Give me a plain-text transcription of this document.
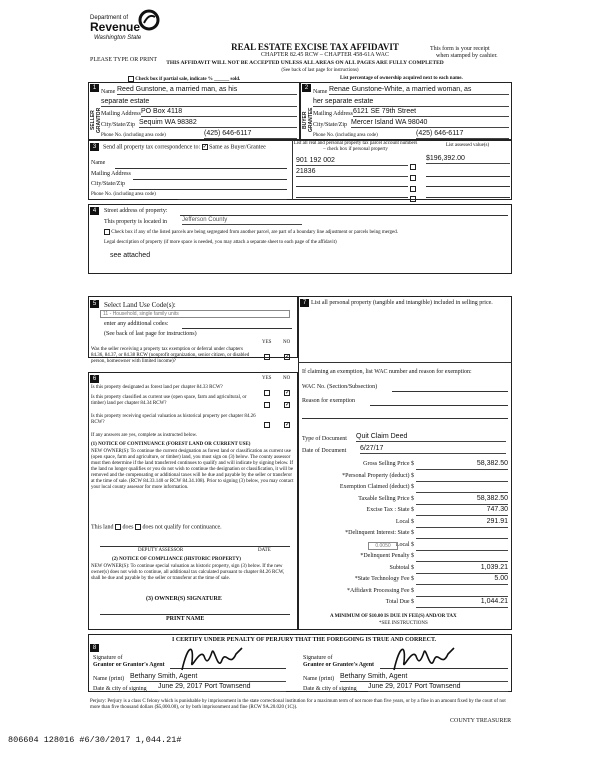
Department of
Revenue
Washington State
REAL ESTATE EXCISE TAX AFFIDAVIT
CHAPTER 82.45 RCW – CHAPTER 458-61A WAC
THIS AFFIDAVIT WILL NOT BE ACCEPTED UNLESS ALL AREAS ON ALL PAGES ARE FULLY COMPLETED
(See back of last page for instructions)
PLEASE TYPE OR PRINT
This form is your receipt
when stamped by cashier.
Check box if partial sale, indicate % ______ sold.	List percentage of ownership acquired next to each name.
1	2
SELLER GRANTOR	BUYER GRANTEE
Name Reed Gunstone, a married man, as his
separate estate
Mailing Address PO Box 4118
City/State/Zip Sequim WA 98382
Phone No. (including area code)	(425) 646-6117
Name Renae Gunstone-White, a married woman, as
her separate estate
Mailing Address 6121 SE 79th Street
City/State/Zip Mercer Island WA 98040
Phone No. (including area code)	(425) 646-6117
3	Send all property tax correspondence to: ✓ Same as Buyer/Grantee
List all real and personal property tax parcel account numbers – check box if personal property
List assessed value(s)
Name
Mailing Address
City/State/Zip
Phone No. (including area code)
901 192 002	$196,392.00
21836
4	Street address of property:
This property is located in	Jefferson County
Check box if any of the listed parcels are being segregated from another parcel, are part of a boundary line adjustment or parcels being merged.
Legal description of property (if more space is needed, you may attach a separate sheet to each page of the affidavit)
see attached
5	Select Land Use Code(s):
11 - Household, single family units
enter any additional codes:
(See back of last page for instructions)
YES NO
Was the seller receiving a property tax exemption or deferral under chapters 84.36, 84.37, or 84.38 RCW (nonprofit organization, senior citizen, or disabled person, homeowner with limited income)?
✓
6	YES NO
Is this property designated as forest land per chapter 84.33 RCW?
✓
Is this property classified as current use (open space, farm and agricultural, or timber) land per chapter 84.34 RCW?	✓
Is this property receiving special valuation as historical property per chapter 84.26 RCW?	✓
If any answers are yes, complete as instructed below.
(1) NOTICE OF CONTINUANCE (FOREST LAND OR CURRENT USE)
NEW OWNER(S): To continue the current designation as forest land or classification as current use (open space, farm and agriculture, or timber) land, you must sign on (3) below. The county assessor must then determine if the land transferred continues to qualify and will indicate by signing below. If the land no longer qualifies or you do not wish to continue the designation or classification, it will be removed and the compensating or additional taxes will be due and payable by the seller or transferor at the time of sale. (RCW 84.33.140 or RCW 84.34.108). Prior to signing (3) below, you may contact your local county assessor for more information.
This land does does not qualify for continuance.
DEPUTY ASSESSOR	DATE
(2) NOTICE OF COMPLIANCE (HISTORIC PROPERTY)
NEW OWNER(S): To continue special valuation as historic property, sign (3) below. If the new owner(s) does not wish to continue, all additional tax calculated pursuant to chapter 84.26 RCW, shall be due and payable by the seller or transferor at the time of sale.
(3) OWNER(S) SIGNATURE
PRINT NAME
7 List all personal property (tangible and intangible) included in selling price.
If claiming an exemption, list WAC number and reason for exemption:
WAC No. (Section/Subsection)
Reason for exemption
Type of Document Quit Claim Deed
Date of Document 6/27/17
Gross Selling Price $	58,382.50
*Personal Property (deduct) $
Exemption Claimed (deduct) $
Taxable Selling Price $	58,382.50
Excise Tax : State $	747.30
Local $	291.91
*Delinquent Interest: State $
Local $
*Delinquent Penalty $
Subtotal $	1,039.21
*State Technology Fee $	5.00
*Affidavit Processing Fee $
Total Due $	1,044.21
0.0050
A MINIMUM OF $10.00 IS DUE IN FEE(S) AND/OR TAX
*SEE INSTRUCTIONS
8
I CERTIFY UNDER PENALTY OF PERJURY THAT THE FOREGOING IS TRUE AND CORRECT.
Signature of
Grantor or Grantor's Agent
Name (print) Bethany Smith, Agent
Date & city of signing June 29, 2017 Port Townsend
Signature of
Grantee or Grantee's Agent
Name (print) Bethany Smith, Agent
Date & city of signing June 29, 2017 Port Townsend
Perjury: Perjury is a class C felony which is punishable by imprisonment in the state correctional institution for a maximum term of not more than five years, or by a fine in an amount fixed by the court of not more than five thousand dollars ($5,000.00), or by both imprisonment and fine (RCW 9A.20.020 (1C)).
COUNTY TREASURER
806604 128016 #6/30/2017 1,044.21#
